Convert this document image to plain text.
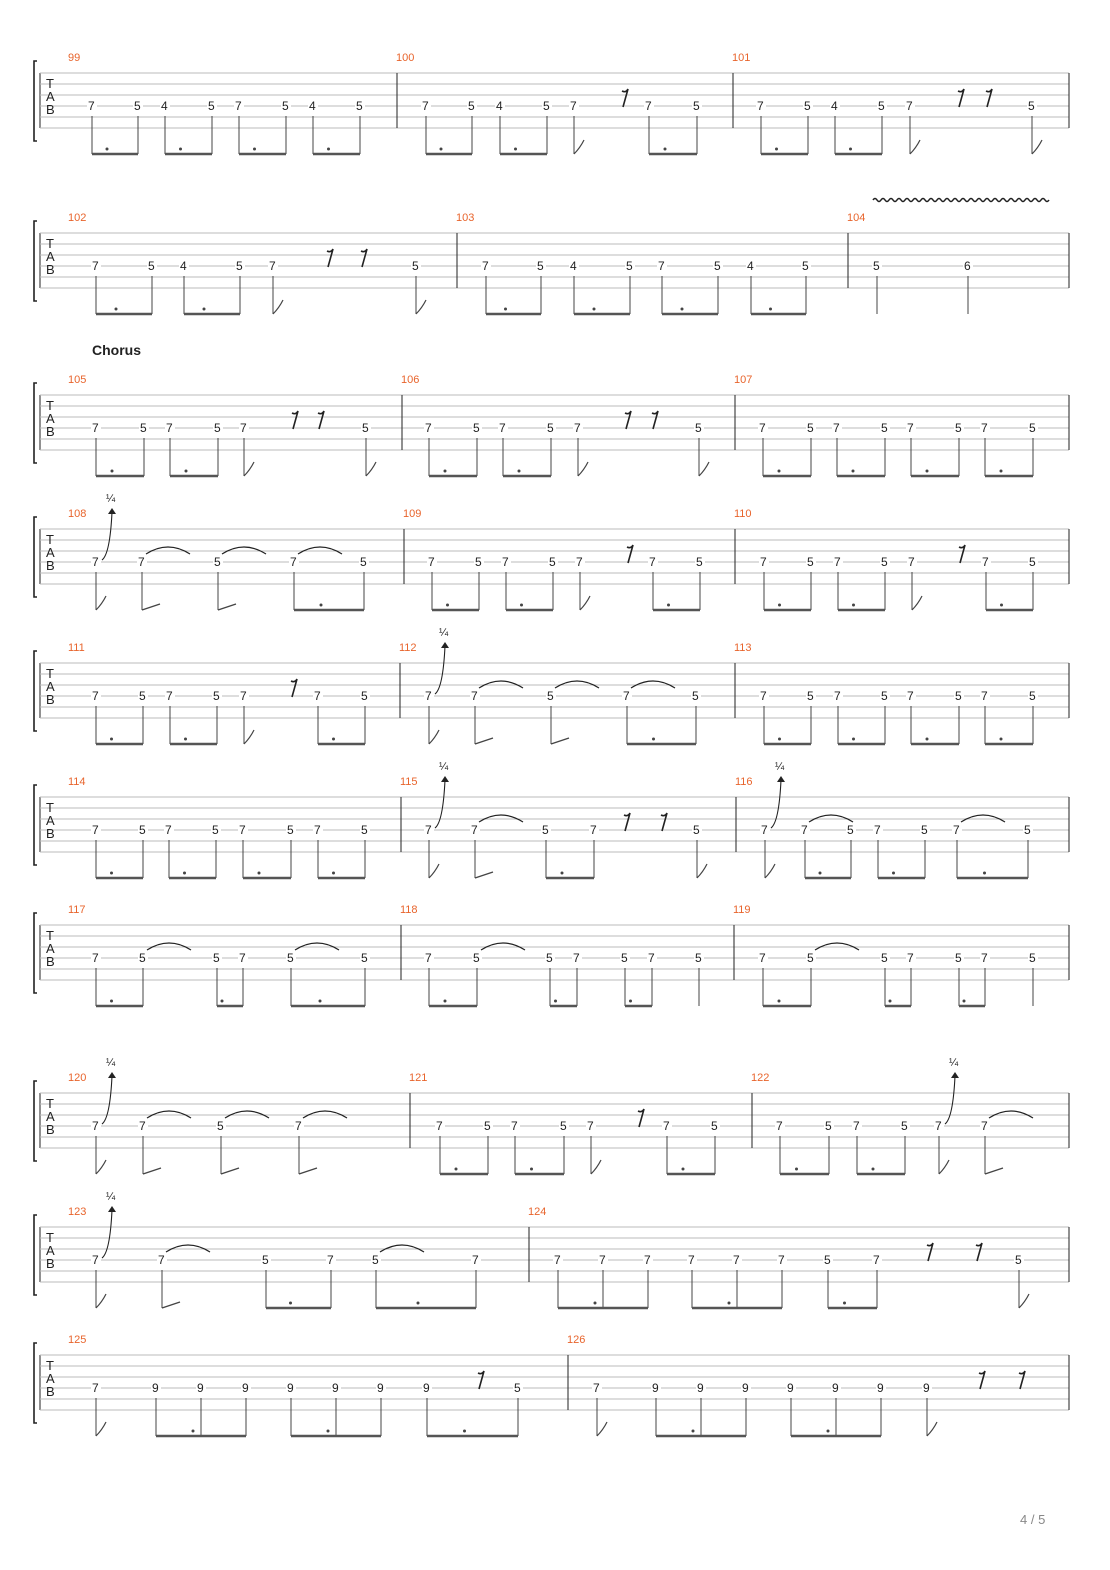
Chorus
T
A
B
99
7	5 4	5 7	5 4	5
100
7	5 4	5 7	7	5
101
7	5 4	5 7	5
T
A
B
102
7	5 4	5 7	5
103
7	5 4	5 7	5 4	5
104
5	6
T
A
B
105
7	5 7	5 7	5
106
7	5 7	5 7	5
107
7	5 7	5 7	5 7	5
T
A
B
108
7	7	5	7	5
¼
109
7	5 7	5 7	7	5
110
7	5 7	5 7	7	5
T
A
B
111
7	5 7	5 7	7	5
112
7	7	5	7	5
¼
113
7	5 7	5 7	5 7	5
T
A
B
114
7	5 7	5 7	5 7	5
115
7	7	5	7	5
¼
116
7	7	5 7	5 7	5
¼
T
A
B
117
7	5	5 7	5	5
118
7	5	5 7	5 7	5
119
7	5	5 7	5 7	5
T
A
B
120
7	7	5	7
¼
121
7	5 7	5 7	7	5
122
7	5 7	5 7	7
¼
T
A
B
123
7	7	5	7	5	7
¼
124
7	7	7	7	7	7	5	7	5
T
A
B
125
7	9	9	9	9	9	9	9	5
126
7	9	9	9	9	9	9	9
4 / 5
